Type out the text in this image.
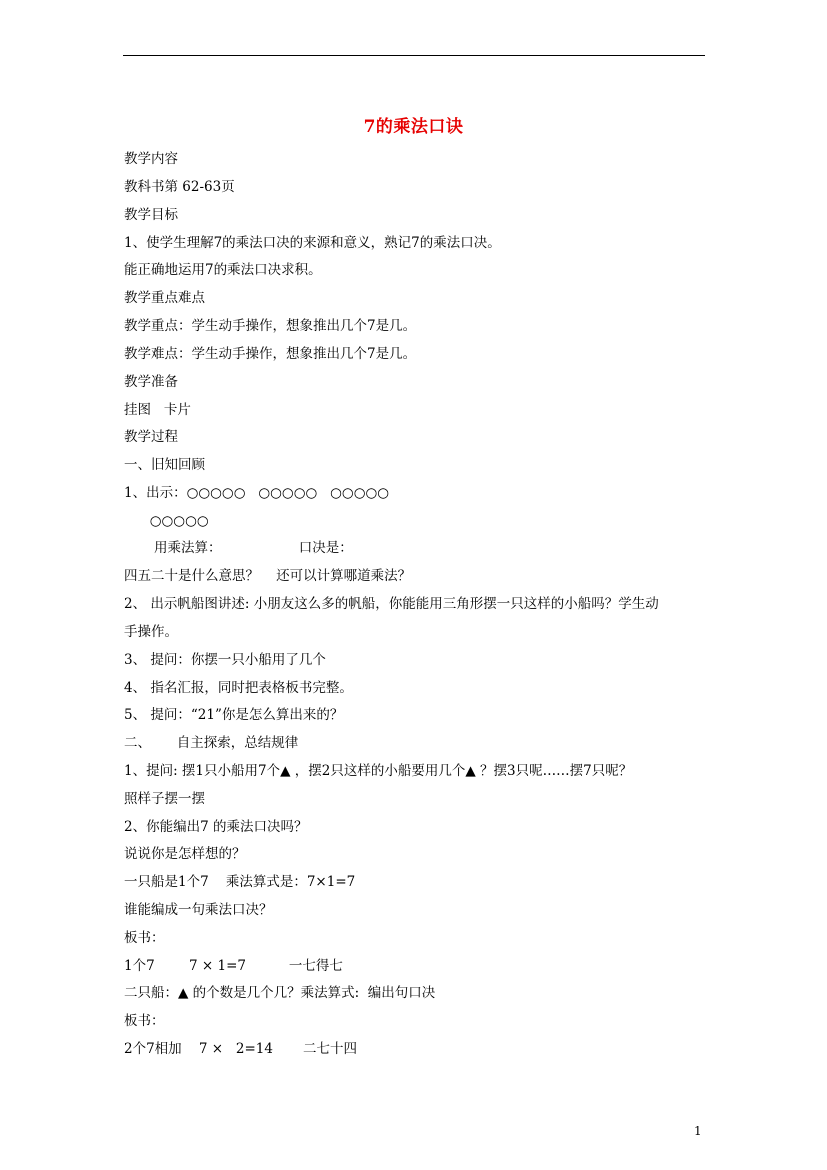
7的乘法口诀
教学内容
教科书第 62-63页
教学目标
1、使学生理解7的乘法口决的来源和意义，熟记7的乘法口决。
能正确地运用7的乘法口决求积。
教学重点难点
教学重点：学生动手操作，想象推出几个7是几。
教学难点：学生动手操作，想象推出几个7是几。
教学准备
挂图   卡片
教学过程
一、旧知回顾
1、出示：○○○○○   ○○○○○   ○○○○○
○○○○○
用乘法算：                  口决是：
四五二十是什么意思？    还可以计算哪道乘法？
2、 出示帆船图讲述: 小朋友这么多的帆船，你能能用三角形摆一只这样的小船吗？学生动
手操作。
3、 提问：你摆一只小船用了几个
4、 指名汇报，同时把表格板书完整。
5、 提问：“21”你是怎么算出来的？
二、      自主探索，总结规律
1、提问: 摆1只小船用7个▲ ，摆2只这样的小船要用几个▲ ？摆3只呢……摆7只呢？
照样子摆一摆
2、你能编出7 的乘法口决吗？
说说你是怎样想的？
一只船是1个7    乘法算式是：7×1=7
谁能编成一句乘法口决？
板书：
1个7        7 × 1=7          一七得七
二只船：▲ 的个数是几个几？乘法算式:  编出句口决
板书：
2个7相加    7 ×   2=14       二七十四
1
